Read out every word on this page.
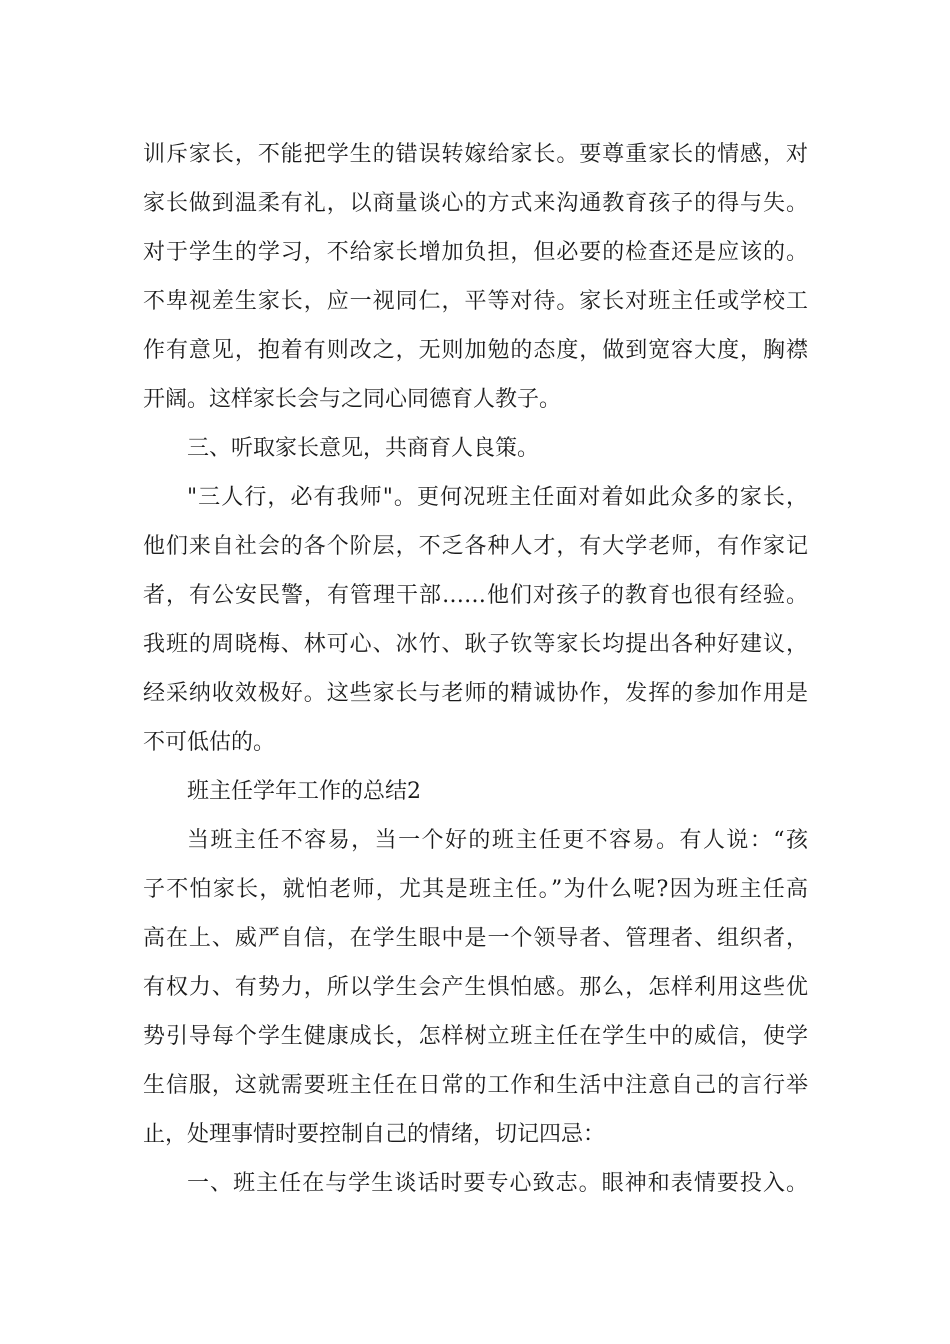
训斥家长，不能把学生的错误转嫁给家长。要尊重家长的情感，对
家长做到温柔有礼，以商量谈心的方式来沟通教育孩子的得与失。
对于学生的学习，不给家长增加负担，但必要的检查还是应该的。
不卑视差生家长，应一视同仁，平等对待。家长对班主任或学校工
作有意见，抱着有则改之，无则加勉的态度，做到宽容大度，胸襟
开阔。这样家长会与之同心同德育人教子。
三、听取家长意见，共商育人良策。
"三人行，必有我师"。更何况班主任面对着如此众多的家长，
他们来自社会的各个阶层，不乏各种人才，有大学老师，有作家记
者，有公安民警，有管理干部……他们对孩子的教育也很有经验。
我班的周晓梅、林可心、冰竹、耿子钦等家长均提出各种好建议，
经采纳收效极好。这些家长与老师的精诚协作，发挥的参加作用是
不可低估的。
班主任学年工作的总结2
当班主任不容易，当一个好的班主任更不容易。有人说：“孩
子不怕家长，就怕老师，尤其是班主任。”为什么呢?因为班主任高
高在上、威严自信，在学生眼中是一个领导者、管理者、组织者，
有权力、有势力，所以学生会产生惧怕感。那么，怎样利用这些优
势引导每个学生健康成长，怎样树立班主任在学生中的威信，使学
生信服，这就需要班主任在日常的工作和生活中注意自己的言行举
止，处理事情时要控制自己的情绪，切记四忌：
一、班主任在与学生谈话时要专心致志。眼神和表情要投入。
